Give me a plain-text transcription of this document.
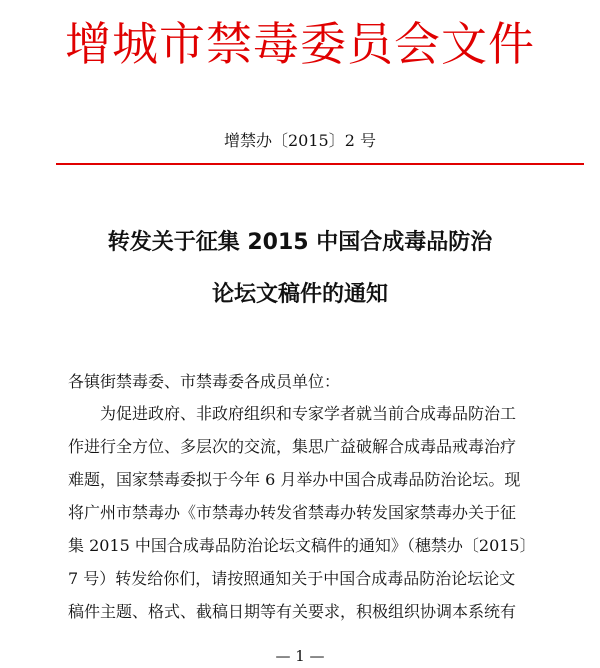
增城市禁毒委员会文件
增禁办〔2015〕2 号
转发关于征集 2015 中国合成毒品防治
论坛文稿件的通知
各镇街禁毒委、市禁毒委各成员单位：
　　为促进政府、非政府组织和专家学者就当前合成毒品防治工
作进行全方位、多层次的交流，集思广益破解合成毒品戒毒治疗
难题，国家禁毒委拟于今年 6 月举办中国合成毒品防治论坛。现
将广州市禁毒办《市禁毒办转发省禁毒办转发国家禁毒办关于征
集 2015 中国合成毒品防治论坛文稿件的通知》（穗禁办〔2015〕
7 号）转发给你们，请按照通知关于中国合成毒品防治论坛论文
稿件主题、格式、截稿日期等有关要求，积极组织协调本系统有
— 1 —
